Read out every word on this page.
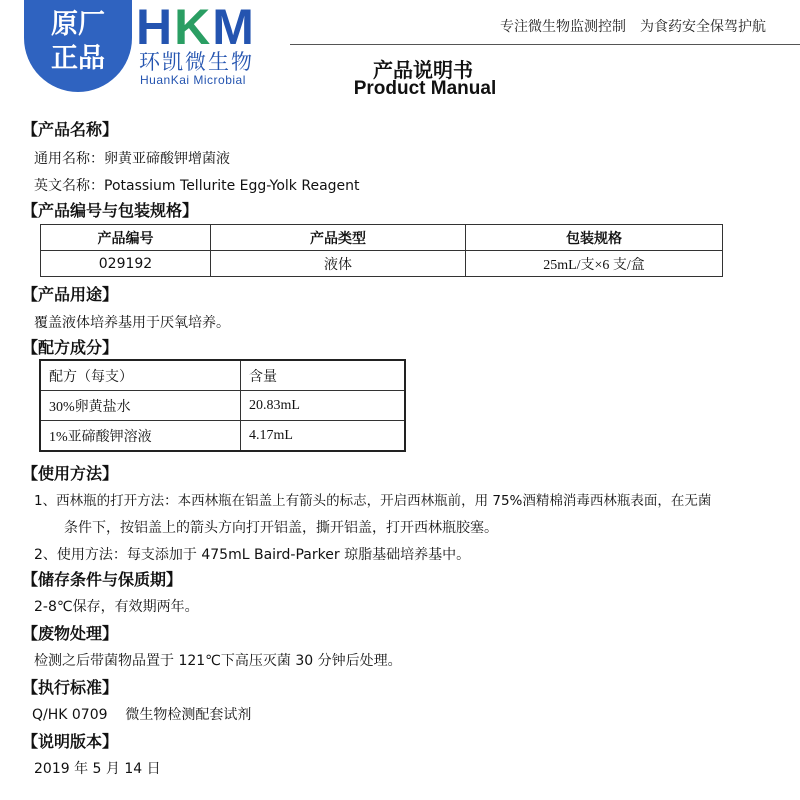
原厂
正品
HKM
环凯微生物
HuanKai Microbial
专注微生物监测控制 为食药安全保驾护航
产品说明书
Product Manual
【产品名称】
通用名称：卵黄亚碲酸钾增菌液
英文名称：Potassium Tellurite Egg-Yolk Reagent
【产品编号与包装规格】
产品编号	产品类型	包装规格
029192	液体	25mL/支×6 支/盒
【产品用途】
覆盖液体培养基用于厌氧培养。
【配方成分】
配方（每支）	含量
30%卵黄盐水	20.83mL
1%亚碲酸钾溶液	4.17mL
【使用方法】
1、西林瓶的打开方法：本西林瓶在铝盖上有箭头的标志，开启西林瓶前，用 75%酒精棉消毒西林瓶表面，在无菌
条件下，按铝盖上的箭头方向打开铝盖，撕开铝盖，打开西林瓶胶塞。
2、使用方法：每支添加于 475mL Baird-Parker 琼脂基础培养基中。
【储存条件与保质期】
2-8℃保存，有效期两年。
【废物处理】
检测之后带菌物品置于 121℃下高压灭菌 30 分钟后处理。
【执行标准】
Q/HK 0709    微生物检测配套试剂
【说明版本】
2019 年 5 月 14 日
